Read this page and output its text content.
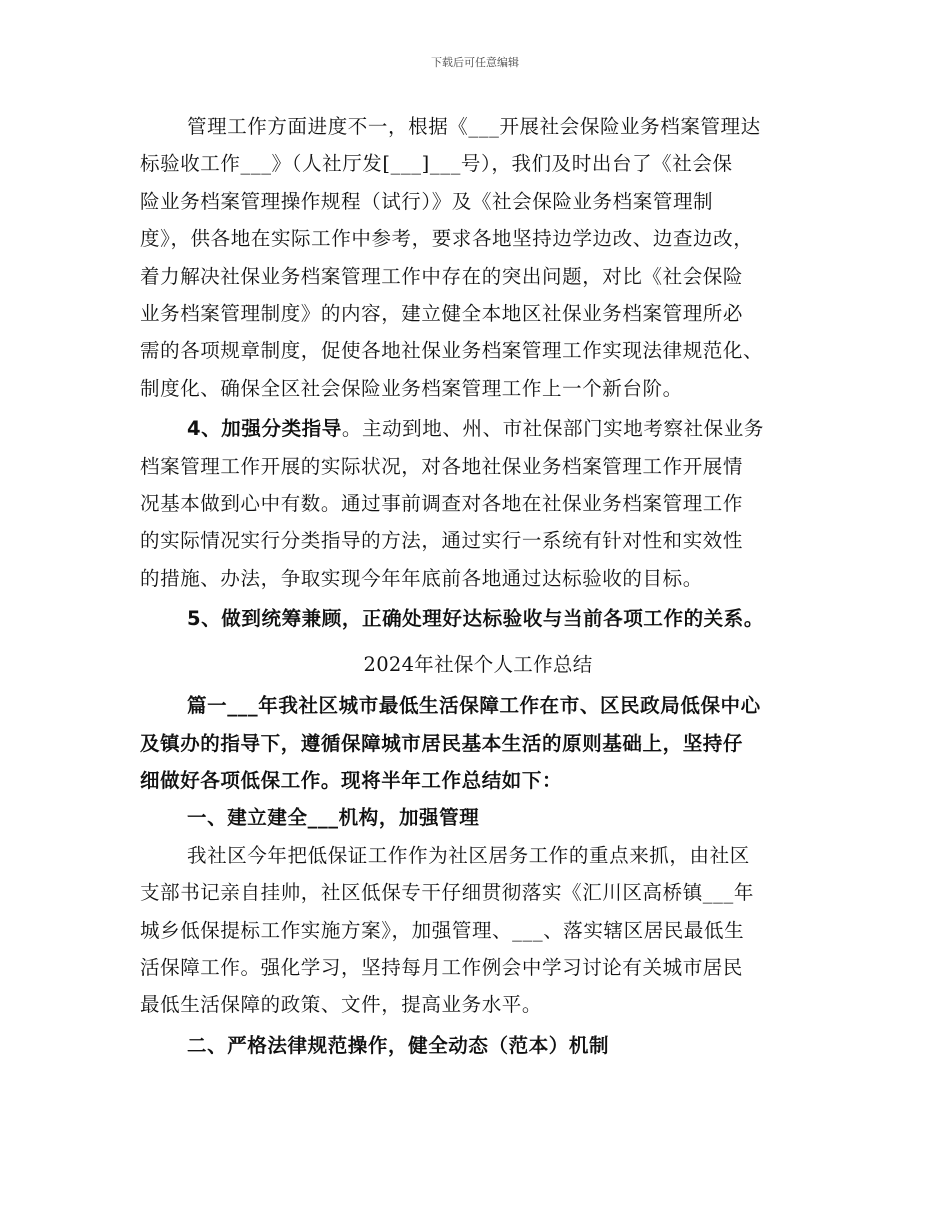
下载后可任意编辑

管理工作方面进度不一，根据《___开展社会保险业务档案管理达

标验收工作___》（人社厅发[___]___号），我们及时出台了《社会保

险业务档案管理操作规程（试行）》及《社会保险业务档案管理制

度》，供各地在实际工作中参考，要求各地坚持边学边改、边查边改，

着力解决社保业务档案管理工作中存在的突出问题，对比《社会保险

业务档案管理制度》的内容，建立健全本地区社保业务档案管理所必

需的各项规章制度，促使各地社保业务档案管理工作实现法律规范化、

制度化、确保全区社会保险业务档案管理工作上一个新台阶。

4、加强分类指导。主动到地、州、市社保部门实地考察社保业务

档案管理工作开展的实际状况，对各地社保业务档案管理工作开展情

况基本做到心中有数。通过事前调查对各地在社保业务档案管理工作

的实际情况实行分类指导的方法，通过实行一系统有针对性和实效性

的措施、办法，争取实现今年年底前各地通过达标验收的目标。

5、做到统筹兼顾，正确处理好达标验收与当前各项工作的关系。

2024年社保个人工作总结

篇一___年我社区城市最低生活保障工作在市、区民政局低保中心

及镇办的指导下，遵循保障城市居民基本生活的原则基础上，坚持仔

细做好各项低保工作。现将半年工作总结如下：

一、建立建全___机构，加强管理

我社区今年把低保证工作作为社区居务工作的重点来抓，由社区

支部书记亲自挂帅，社区低保专干仔细贯彻落实《汇川区高桥镇___年

城乡低保提标工作实施方案》，加强管理、___、落实辖区居民最低生

活保障工作。强化学习，坚持每月工作例会中学习讨论有关城市居民

最低生活保障的政策、文件，提高业务水平。

二、严格法律规范操作，健全动态（范本）机制
